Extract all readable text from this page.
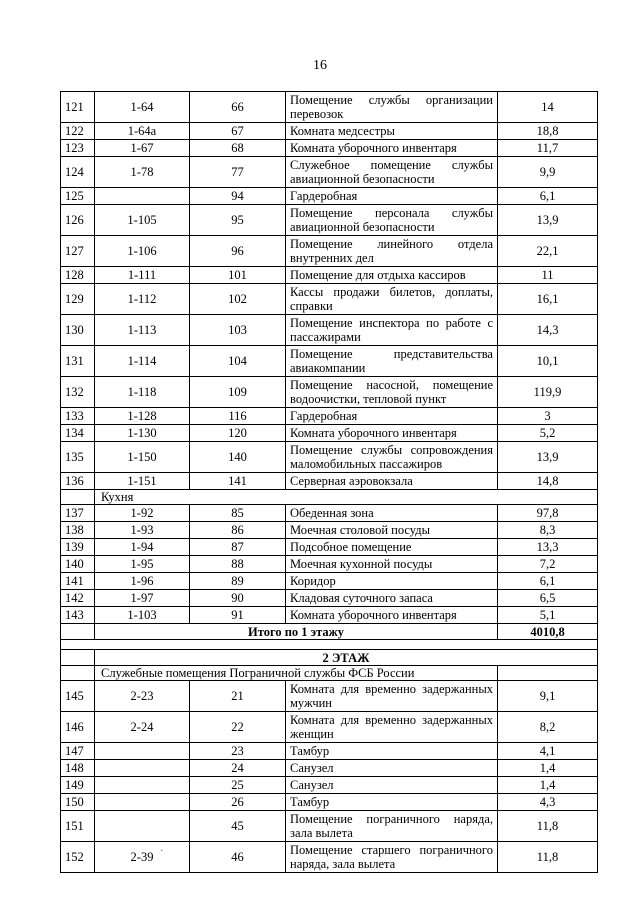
16
121	1-64	66	Помещение службы организации перевозок	14
122	1-64а	67	Комната медсестры	18,8
123	1-67	68	Комната уборочного инвентаря	11,7
124	1-78	77	Служебное помещение службы авиационной безопасности	9,9
125		94	Гардеробная	6,1
126	1-105	95	Помещение персонала службы авиационной безопасности	13,9
127	1-106	96	Помещение линейного отдела внутренних дел	22,1
128	1-111	101	Помещение для отдыха кассиров	11
129	1-112	102	Кассы продажи билетов, доплаты, справки	16,1
130	1-113	103	Помещение инспектора по работе с пассажирами	14,3
131	1-114	104	Помещение представительства авиакомпании	10,1
132	1-118	109	Помещение насосной, помещение водоочистки, тепловой пункт	119,9
133	1-128	116	Гардеробная	3
134	1-130	120	Комната уборочного инвентаря	5,2
135	1-150	140	Помещение службы сопровождения маломобильных пассажиров	13,9
136	1-151	141	Серверная аэровокзала	14,8
	Кухня			
137	1-92	85	Обеденная зона	97,8
138	1-93	86	Моечная столовой посуды	8,3
139	1-94	87	Подсобное помещение	13,3
140	1-95	88	Моечная кухонной посуды	7,2
141	1-96	89	Коридор	6,1
142	1-97	90	Кладовая суточного запаса	6,5
143	1-103	91	Комната уборочного инвентаря	5,1
	Итого по 1 этажу			4010,8

	2 ЭТАЖ			
	Служебные помещения Пограничной службы ФСБ России			
145	2-23	21	Комната для временно задержанных мужчин	9,1
146	2-24	22	Комната для временно задержанных женщин	8,2
147		23	Тамбур	4,1
148		24	Санузел	1,4
149		25	Санузел	1,4
150		26	Тамбур	4,3
151		45	Помещение пограничного наряда, зала вылета	11,8
152	2-39	46	Помещение старшего пограничного наряда, зала вылета	11,8
·
